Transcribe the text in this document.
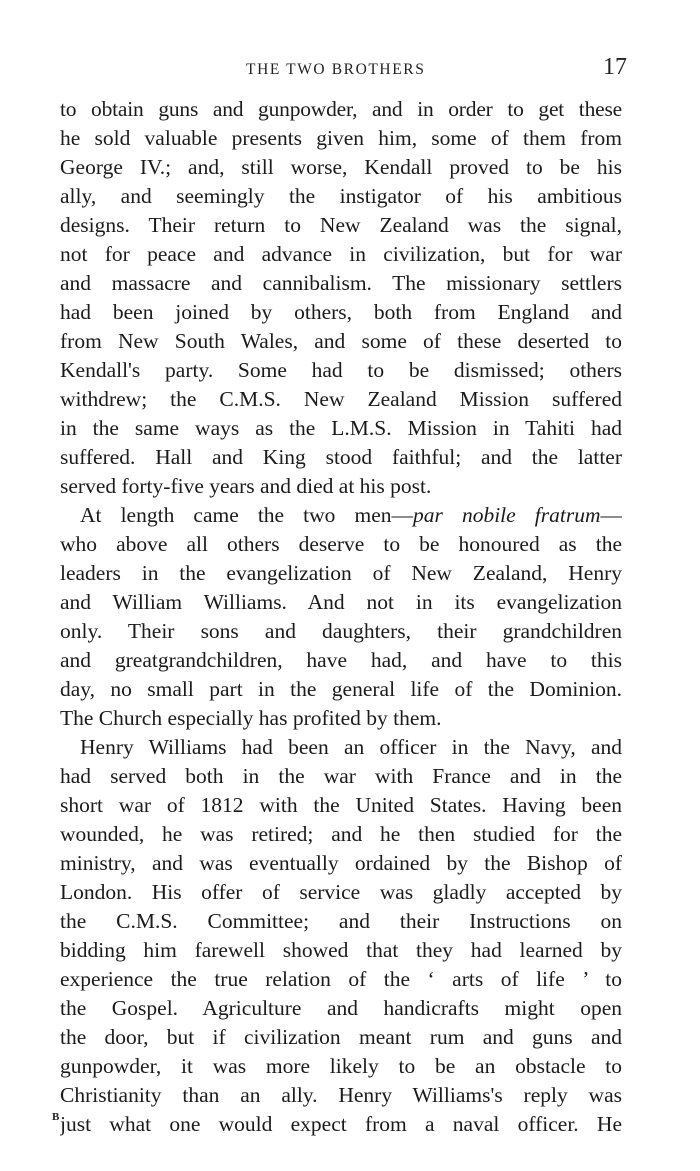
THE TWO BROTHERS	17
to obtain guns and gunpowder, and in order to get these
he sold valuable presents given him, some of them from
George IV.; and, still worse, Kendall proved to be his
ally, and seemingly the instigator of his ambitious
designs. Their return to New Zealand was the signal,
not for peace and advance in civilization, but for war
and massacre and cannibalism. The missionary settlers
had been joined by others, both from England and
from New South Wales, and some of these deserted to
Kendall's party. Some had to be dismissed; others
withdrew; the C.M.S. New Zealand Mission suffered
in the same ways as the L.M.S. Mission in Tahiti had
suffered. Hall and King stood faithful; and the latter
served forty-five years and died at his post.
At length came the two men—par nobile fratrum—
who above all others deserve to be honoured as the
leaders in the evangelization of New Zealand, Henry
and William Williams. And not in its evangelization
only. Their sons and daughters, their grandchildren
and greatgrandchildren, have had, and have to this
day, no small part in the general life of the Dominion.
The Church especially has profited by them.
Henry Williams had been an officer in the Navy, and
had served both in the war with France and in the
short war of 1812 with the United States. Having been
wounded, he was retired; and he then studied for the
ministry, and was eventually ordained by the Bishop of
London. His offer of service was gladly accepted by
the C.M.S. Committee; and their Instructions on
bidding him farewell showed that they had learned by
experience the true relation of the ‘ arts of life ’ to
the Gospel. Agriculture and handicrafts might open
the door, but if civilization meant rum and guns and
gunpowder, it was more likely to be an obstacle to
Christianity than an ally. Henry Williams's reply was
just what one would expect from a naval officer. He
B
